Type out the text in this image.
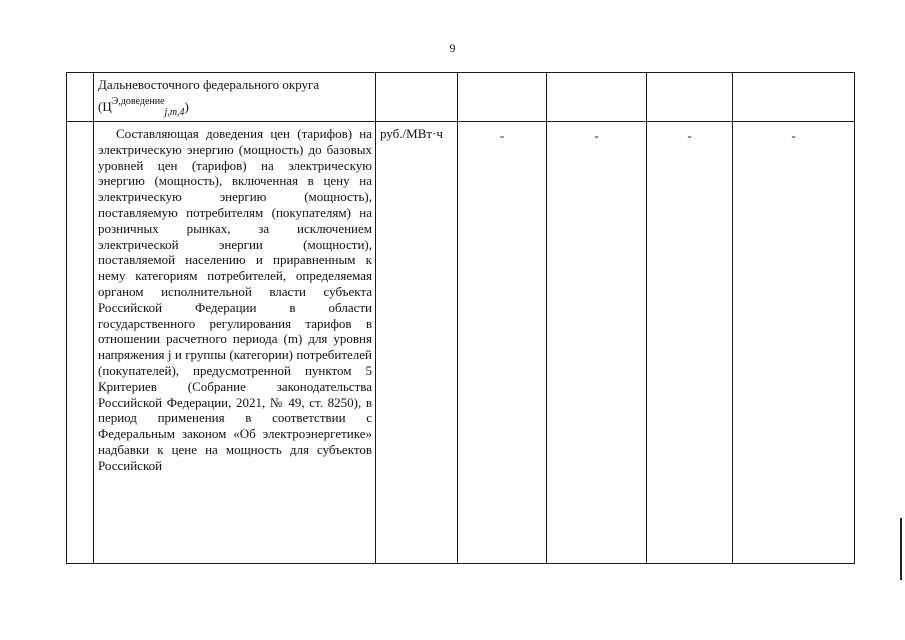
9

	Дальневосточного федерального округа
$(Ц^{Э,доведение}_{j,m,4})$					

	Составляющая доведения цен (тарифов) на электрическую энергию (мощность) до базовых уровней цен (тарифов) на электрическую энергию (мощность), включенная в цену на электрическую энергию (мощность), поставляемую потребителям (покупателям) на розничных рынках, за исключением электрической энергии (мощности), поставляемой населению и приравненным к нему категориям потребителей, определяемая органом исполнительной власти субъекта Российской Федерации в области государственного регулирования тарифов в отношении расчетного периода (m) для уровня напряжения j и группы (категории) потребителей (покупателей), предусмотренной пунктом 5 Критериев (Собрание законодательства Российской Федерации, 2021, № 49, ст. 8250), в период применения в соответствии с Федеральным законом «Об электроэнергетике» надбавки к цене на мощность для субъектов Российской	руб./МВт·ч	-	-	-	-
